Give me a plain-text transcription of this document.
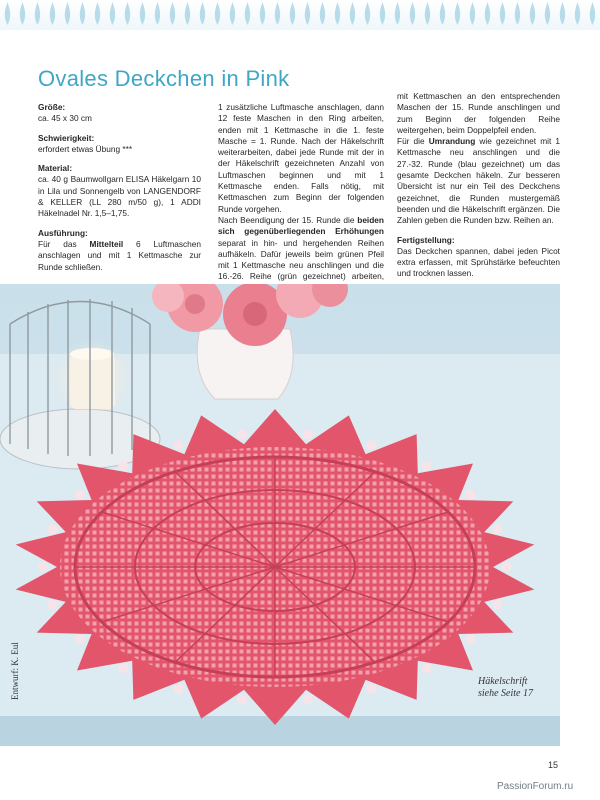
Ovales Deckchen in Pink

Größe:
ca. 45 x 30 cm

Schwierigkeit:
erfordert etwas Übung ***

Material:
ca. 40 g Baumwollgarn ELISA Häkelgarn 10 in Lila und Sonnengelb von LANGENDORF & KELLER (LL 280 m/50 g), 1 ADDI Häkelnadel Nr. 1,5–1,75.

Ausführung:
Für das Mittelteil 6 Luftmaschen anschlagen und mit 1 Kettmasche zur Runde schließen.

1 zusätzliche Luftmasche anschlagen, dann 12 feste Maschen in den Ring arbeiten, enden mit 1 Kettmasche in die 1. feste Masche = 1. Runde. Nach der Häkelschrift weiterarbeiten, dabei jede Runde mit der in der Häkelschrift gezeichneten Anzahl von Luftmaschen beginnen und mit 1 Kettmasche enden. Falls nötig, mit Kettmaschen zum Beginn der folgenden Runde vorgehen.

Nach Beendigung der 15. Runde die beiden sich gegenüberliegenden Erhöhungen separat in hin- und hergehenden Reihen aufhäkeln. Dafür jeweils beim grünen Pfeil mit 1 Kettmasche neu anschlingen und die 16.-26. Reihe (grün gezeichnet) arbeiten,

mit Kettmaschen an den entsprechenden Maschen der 15. Runde anschlingen und zum Beginn der folgenden Reihe weitergehen, beim Doppelpfeil enden.

Für die Umrandung wie gezeichnet mit 1 Kettmasche neu anschlingen und die 27.-32. Runde (blau gezeichnet) um das gesamte Deckchen häkeln. Zur besseren Übersicht ist nur ein Teil des Deckchens gezeichnet, die Runden mustergemäß beenden und die Häkelschrift ergänzen. Die Zahlen geben die Runden bzw. Reihen an.

Fertigstellung:
Das Deckchen spannen, dabei jeden Picot extra erfassen, mit Sprühstärke befeuchten und trocknen lassen.

Entwurf: K. Eul	Häkelschrift
siehe Seite 17
15
PassionForum.ru
